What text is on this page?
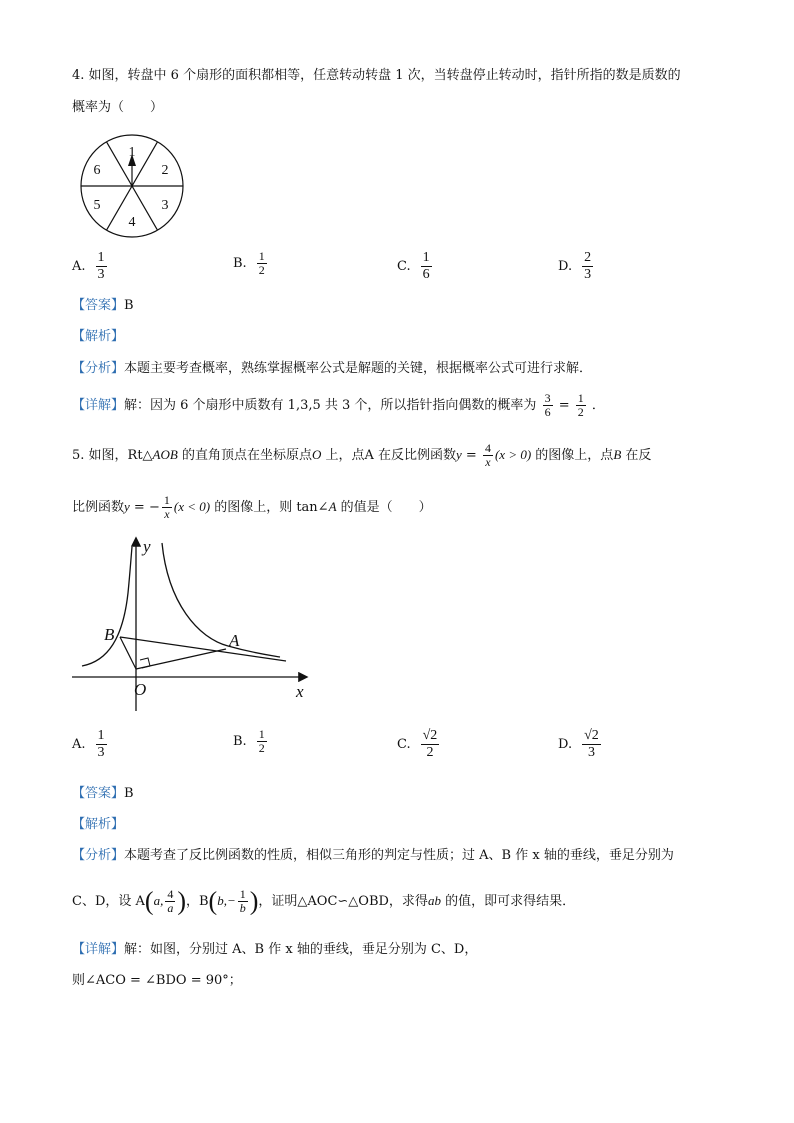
4. 如图，转盘中 6 个扇形的面积都相等，任意转动转盘 1 次，当转盘停止转动时，指针所指的数是质数的
概率为（　　）
1
2
3
4
5
6
A. $\frac{1}{3}$	B. $\frac{1}{2}$	C. $\frac{1}{6}$	D. $\frac{2}{3}$
【答案】B
【解析】
【分析】本题主要考查概率，熟练掌握概率公式是解题的关键，根据概率公式可进行求解．
【详解】解：因为 6 个扇形中质数有 1,3,5 共 3 个，所以指针指向偶数的概率为 $\frac{3}{6} = \frac{1}{2}$ ．
5. 如图，Rt△AOB 的直角顶点在坐标原点O 上，点A 在反比例函数$y = \frac{4}{x} (x > 0)$ 的图像上，点B 在反
比例函数y = − $\frac{1}{x} (x < 0)$ 的图像上，则 tan∠A 的值是（　　）
y
x
O
A
B
A. $\frac{1}{3}$	B. $\frac{1}{2}$	C. $\frac{√2}{2}$	D. $\frac{√2}{3}$
【答案】B
【解析】
【分析】本题考查了反比例函数的性质，相似三角形的判定与性质；过 A、B 作 x 轴的垂线，垂足分别为
C、D，设 A(a, $\frac{4}{a}$ )，$B(b,- \frac{1}{b}$ )，证明△AOC∽△OBD，求得ab 的值，即可求得结果．
【详解】解：如图，分别过 A、B 作 x 轴的垂线，垂足分别为 C、D，
则∠ACO = ∠BDO = 90°；
